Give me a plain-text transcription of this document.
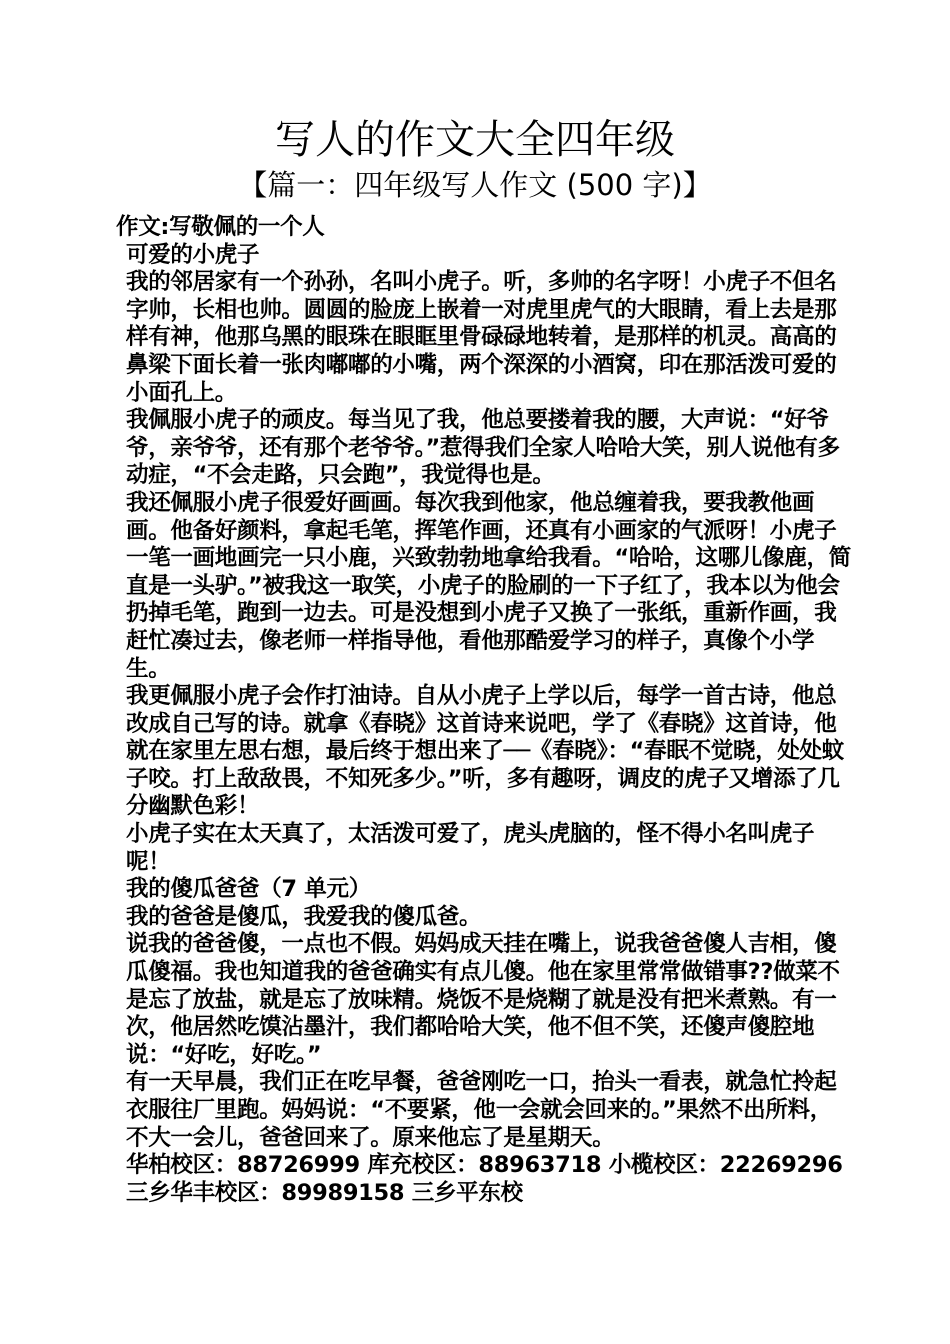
写人的作文大全四年级
【篇一：四年级写人作文 (500 字)】

作文:写敬佩的一个人

可爱的小虎子

我的邻居家有一个孙孙，名叫小虎子。听，多帅的名字呀！小虎子不但名字帅，长相也帅。圆圆的脸庞上嵌着一对虎里虎气的大眼睛，看上去是那样有神，他那乌黑的眼珠在眼眶里骨碌碌地转着，是那样的机灵。高高的鼻梁下面长着一张肉嘟嘟的小嘴，两个深深的小酒窝，印在那活泼可爱的小面孔上。

我佩服小虎子的顽皮。每当见了我，他总要搂着我的腰，大声说：“好爷爷，亲爷爷，还有那个老爷爷。”惹得我们全家人哈哈大笑，别人说他有多动症，“不会走路，只会跑”，我觉得也是。

我还佩服小虎子很爱好画画。每次我到他家，他总缠着我，要我教他画画。他备好颜料，拿起毛笔，挥笔作画，还真有小画家的气派呀！小虎子一笔一画地画完一只小鹿，兴致勃勃地拿给我看。“哈哈，这哪儿像鹿，简直是一头驴。”被我这一取笑，小虎子的脸刷的一下子红了，我本以为他会扔掉毛笔，跑到一边去。可是没想到小虎子又换了一张纸，重新作画，我赶忙凑过去，像老师一样指导他，看他那酷爱学习的样子，真像个小学生。

我更佩服小虎子会作打油诗。自从小虎子上学以后，每学一首古诗，他总改成自己写的诗。就拿《春晓》这首诗来说吧，学了《春晓》这首诗，他就在家里左思右想，最后终于想出来了──《春晓》：“春眠不觉晓，处处蚊子咬。打上敌敌畏，不知死多少。”听，多有趣呀，调皮的虎子又增添了几分幽默色彩！

小虎子实在太天真了，太活泼可爱了，虎头虎脑的，怪不得小名叫虎子呢！

我的傻瓜爸爸（7 单元）

我的爸爸是傻瓜，我爱我的傻瓜爸。

说我的爸爸傻，一点也不假。妈妈成天挂在嘴上，说我爸爸傻人吉相，傻瓜傻福。我也知道我的爸爸确实有点儿傻。他在家里常常做错事??做菜不是忘了放盐，就是忘了放味精。烧饭不是烧糊了就是没有把米煮熟。有一次，他居然吃馍沾墨汁，我们都哈哈大笑，他不但不笑，还傻声傻腔地说：“好吃，好吃。”

有一天早晨，我们正在吃早餐，爸爸刚吃一口，抬头一看表，就急忙拎起衣服往厂里跑。妈妈说：“不要紧，他一会就会回来的。”果然不出所料，不大一会儿，爸爸回来了。原来他忘了是星期天。

华柏校区：88726999 库充校区：88963718 小榄校区：22269296 三乡华丰校区：89989158 三乡平东校
